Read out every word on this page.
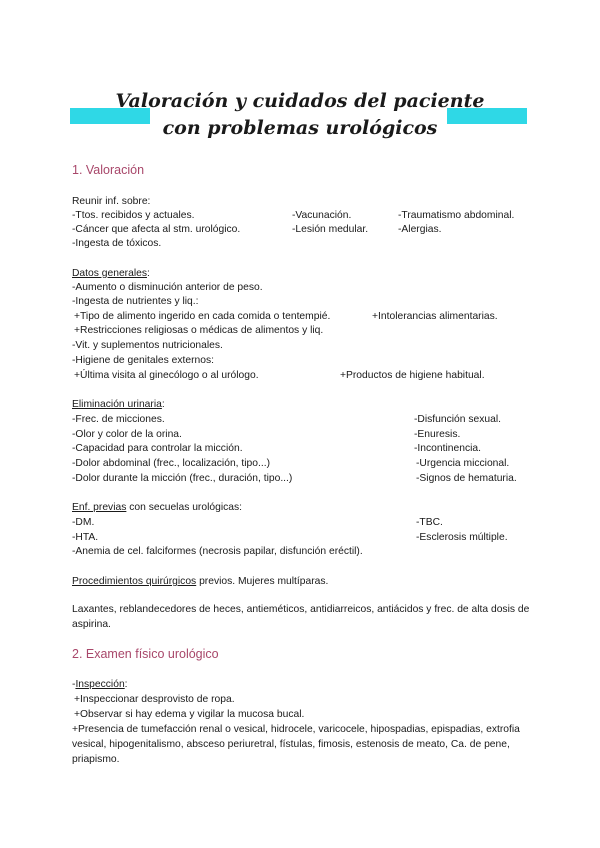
Valoración y cuidados del paciente
con problemas urológicos
1. Valoración
Reunir inf. sobre:
-Ttos. recibidos y actuales.	-Vacunación.	-Traumatismo abdominal.
-Cáncer que afecta al stm. urológico.	-Lesión medular.	-Alergias.
-Ingesta de tóxicos.
Datos generales:
-Aumento o disminución anterior de peso.
-Ingesta de nutrientes y liq.:
+Tipo de alimento ingerido en cada comida o tentempié.	+Intolerancias alimentarias.
+Restricciones religiosas o médicas de alimentos y liq.
-Vit. y suplementos nutricionales.
-Higiene de genitales externos:
+Última visita al ginecólogo o al urólogo.	+Productos de higiene habitual.
Eliminación urinaria:
-Frec. de micciones.	-Disfunción sexual.
-Olor y color de la orina.	-Enuresis.
-Capacidad para controlar la micción.	-Incontinencia.
-Dolor abdominal (frec., localización, tipo...)	-Urgencia miccional.
-Dolor durante la micción (frec., duración, tipo...)	-Signos de hematuria.
Enf. previas con secuelas urológicas:
-DM.	-TBC.
-HTA.	-Esclerosis múltiple.
-Anemia de cel. falciformes (necrosis papilar, disfunción eréctil).
Procedimientos quirúrgicos previos. Mujeres multíparas.
Laxantes, reblandecedores de heces, antieméticos, antidiarreicos, antiácidos y frec. de alta dosis de aspirina.
2. Examen físico urológico
-Inspección:
+Inspeccionar desprovisto de ropa.
+Observar si hay edema y vigilar la mucosa bucal.
+Presencia de tumefacción renal o vesical, hidrocele, varicocele, hipospadias, epispadias, extrofia vesical, hipogenitalismo, absceso periuretral, fístulas, fimosis, estenosis de meato, Ca. de pene, priapismo.
